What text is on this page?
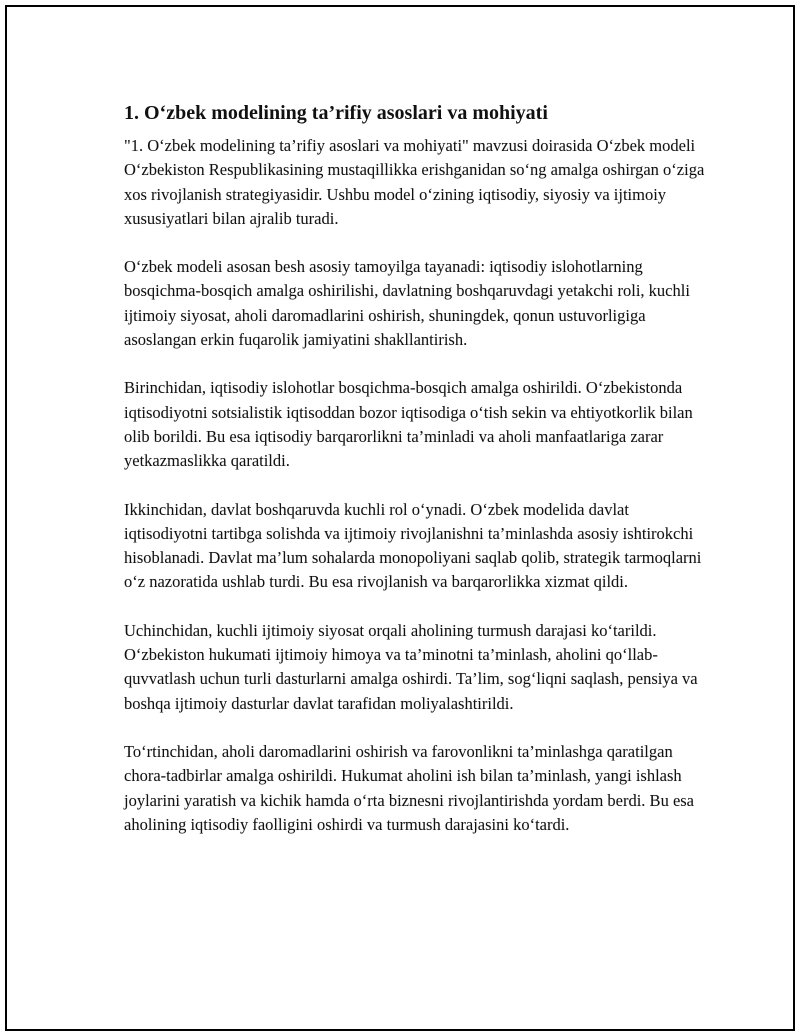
1. O‘zbek modelining ta’rifiy asoslari va mohiyati

"1. O‘zbek modelining ta’rifiy asoslari va mohiyati" mavzusi doirasida O‘zbek modeli O‘zbekiston Respublikasining mustaqillikka erishganidan so‘ng amalga oshirgan o‘ziga xos rivojlanish strategiyasidir. Ushbu model o‘zining iqtisodiy, siyosiy va ijtimoiy xususiyatlari bilan ajralib turadi.

O‘zbek modeli asosan besh asosiy tamoyilga tayanadi: iqtisodiy islohotlarning bosqichma-bosqich amalga oshirilishi, davlatning boshqaruvdagi yetakchi roli, kuchli ijtimoiy siyosat, aholi daromadlarini oshirish, shuningdek, qonun ustuvorligiga asoslangan erkin fuqarolik jamiyatini shakllantirish.

Birinchidan, iqtisodiy islohotlar bosqichma-bosqich amalga oshirildi. O‘zbekistonda iqtisodiyotni sotsialistik iqtisoddan bozor iqtisodiga o‘tish sekin va ehtiyotkorlik bilan olib borildi. Bu esa iqtisodiy barqarorlikni ta’minladi va aholi manfaatlariga zarar yetkazmaslikka qaratildi.

Ikkinchidan, davlat boshqaruvda kuchli rol o‘ynadi. O‘zbek modelida davlat iqtisodiyotni tartibga solishda va ijtimoiy rivojlanishni ta’minlashda asosiy ishtirokchi hisoblanadi. Davlat ma’lum sohalarda monopoliyani saqlab qolib, strategik tarmoqlarni o‘z nazoratida ushlab turdi. Bu esa rivojlanish va barqarorlikka xizmat qildi.

Uchinchidan, kuchli ijtimoiy siyosat orqali aholining turmush darajasi ko‘tarildi. O‘zbekiston hukumati ijtimoiy himoya va ta’minotni ta’minlash, aholini qo‘llab-quvvatlash uchun turli dasturlarni amalga oshirdi. Ta’lim, sog‘liqni saqlash, pensiya va boshqa ijtimoiy dasturlar davlat tarafidan moliyalashtirildi.

To‘rtinchidan, aholi daromadlarini oshirish va farovonlikni ta’minlashga qaratilgan chora-tadbirlar amalga oshirildi. Hukumat aholini ish bilan ta’minlash, yangi ishlash joylarini yaratish va kichik hamda o‘rta biznesni rivojlantirishda yordam berdi. Bu esa aholining iqtisodiy faolligini oshirdi va turmush darajasini ko‘tardi.
